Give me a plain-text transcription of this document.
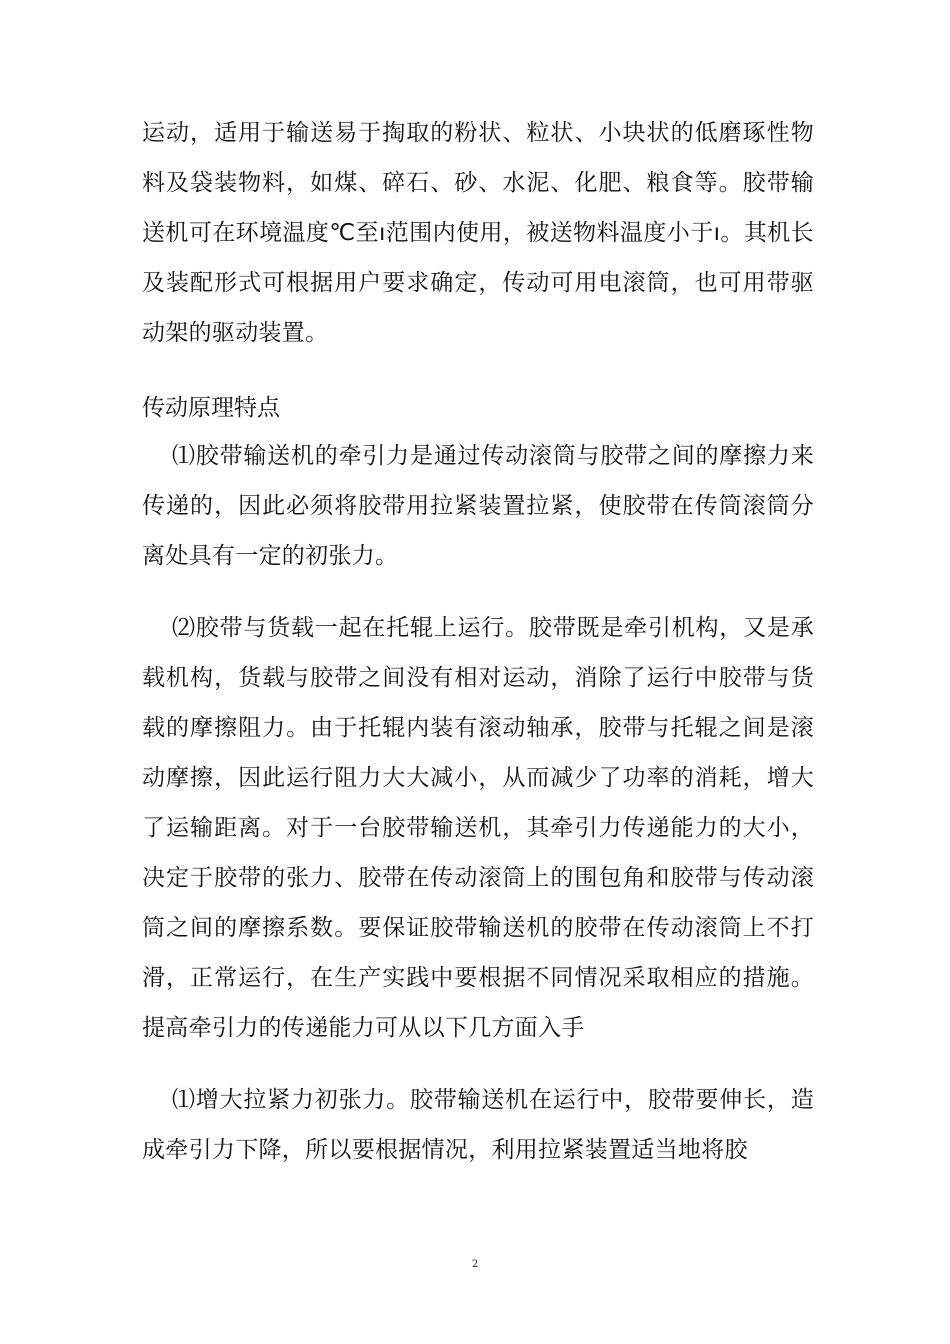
运动，适用于输送易于掏取的粉状、粒状、小块状的低磨琢性物料及袋装物料，如煤、碎石、砂、水泥、化肥、粮食等。胶带输送机可在环境温度℃至ı范围内使用，被送物料温度小于ı。其机长及装配形式可根据用户要求确定，传动可用电滚筒，也可用带驱动架的驱动装置。

传动原理特点

⑴胶带输送机的牵引力是通过传动滚筒与胶带之间的摩擦力来传递的，因此必须将胶带用拉紧装置拉紧，使胶带在传筒滚筒分离处具有一定的初张力。

⑵胶带与货载一起在托辊上运行。胶带既是牵引机构，又是承载机构，货载与胶带之间没有相对运动，消除了运行中胶带与货载的摩擦阻力。由于托辊内装有滚动轴承，胶带与托辊之间是滚动摩擦，因此运行阻力大大减小，从而减少了功率的消耗，增大了运输距离。对于一台胶带输送机，其牵引力传递能力的大小，决定于胶带的张力、胶带在传动滚筒上的围包角和胶带与传动滚筒之间的摩擦系数。要保证胶带输送机的胶带在传动滚筒上不打滑，正常运行，在生产实践中要根据不同情况采取相应的措施。提高牵引力的传递能力可从以下几方面入手

⑴增大拉紧力初张力。胶带输送机在运行中，胶带要伸长，造成牵引力下降，所以要根据情况，利用拉紧装置适当地将胶

2
